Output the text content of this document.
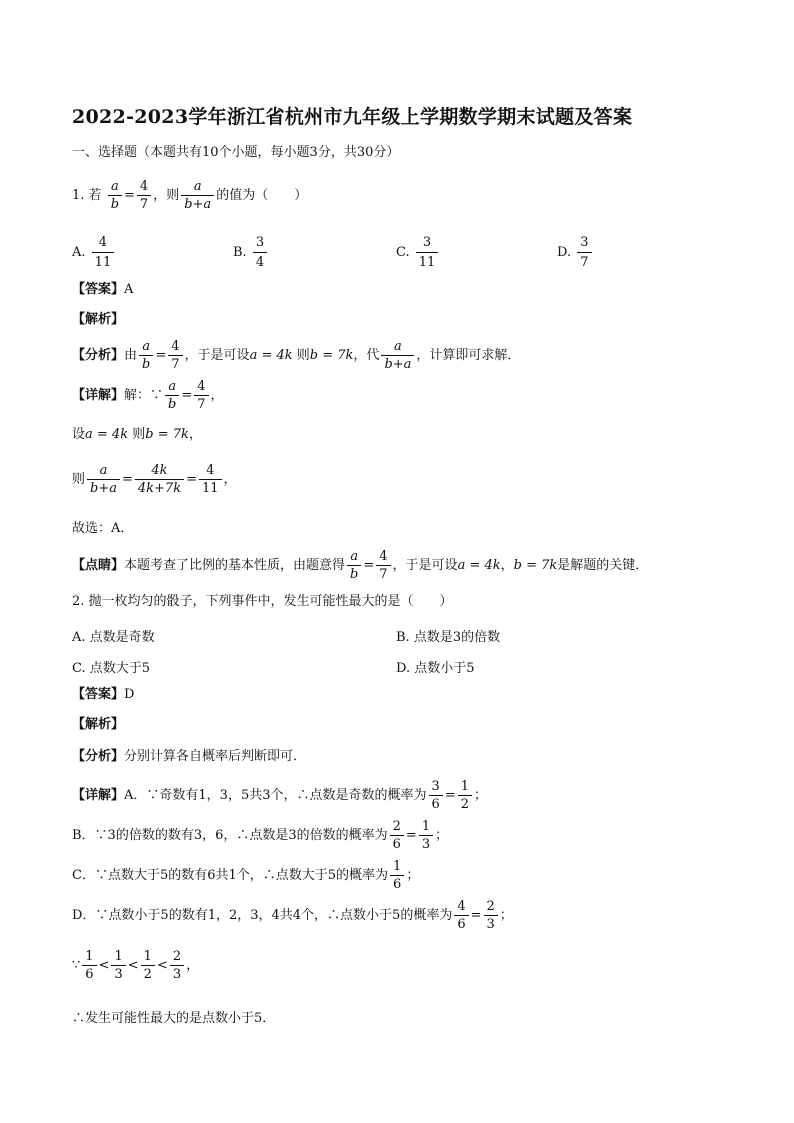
2022-2023学年浙江省杭州市九年级上学期数学期末试题及答案
一、选择题（本题共有10个小题，每小题3分，共30分）
1. 若 $\frac{a}{b} = \frac{4}{7}$ ，则 $\frac{a}{b+a}$ 的值为（　　）
A. $\frac{4}{11}$	B. $\frac{3}{4}$	C. $\frac{3}{11}$	D. $\frac{3}{7}$
【答案】A
【解析】
【分析】由 $\frac{a}{b} = \frac{4}{7}$ ，于是可设a = 4k 则b = 7k，代 $\frac{a}{b+a}$ ，计算即可求解．
【详解】解：∵ $\frac{a}{b} = \frac{4}{7}$ ，
设a = 4k 则b = 7k，
则 $\frac{a}{b+a} = \frac{4k}{4k+7k} = \frac{4}{11}$ ，
故选：A．
【点睛】本题考查了比例的基本性质，由题意得 $\frac{a}{b} = \frac{4}{7}$ ，于是可设a = 4k，b = 7k是解题的关键．
2. 抛一枚均匀的骰子，下列事件中，发生可能性最大的是（　　）
A. 点数是奇数	B. 点数是3的倍数
C. 点数大于5	D. 点数小于5
【答案】D
【解析】
【分析】分别计算各自概率后判断即可．
【详解】A．∵奇数有1，3，5共3个，∴点数是奇数的概率为 $\frac{3}{6} = \frac{1}{2}$ ；
B．∵3的倍数的数有3，6，∴点数是3的倍数的概率为 $\frac{2}{6} = \frac{1}{3}$ ；
C．∵点数大于5的数有6共1个，∴点数大于5的概率为 $\frac{1}{6}$ ；
D．∵点数小于5的数有1，2，3，4共4个，∴点数小于5的概率为 $\frac{4}{6} = \frac{2}{3}$ ；
∵ $\frac{1}{6} < \frac{1}{3} < \frac{1}{2} < \frac{2}{3}$ ，
∴发生可能性最大的是点数小于5．
